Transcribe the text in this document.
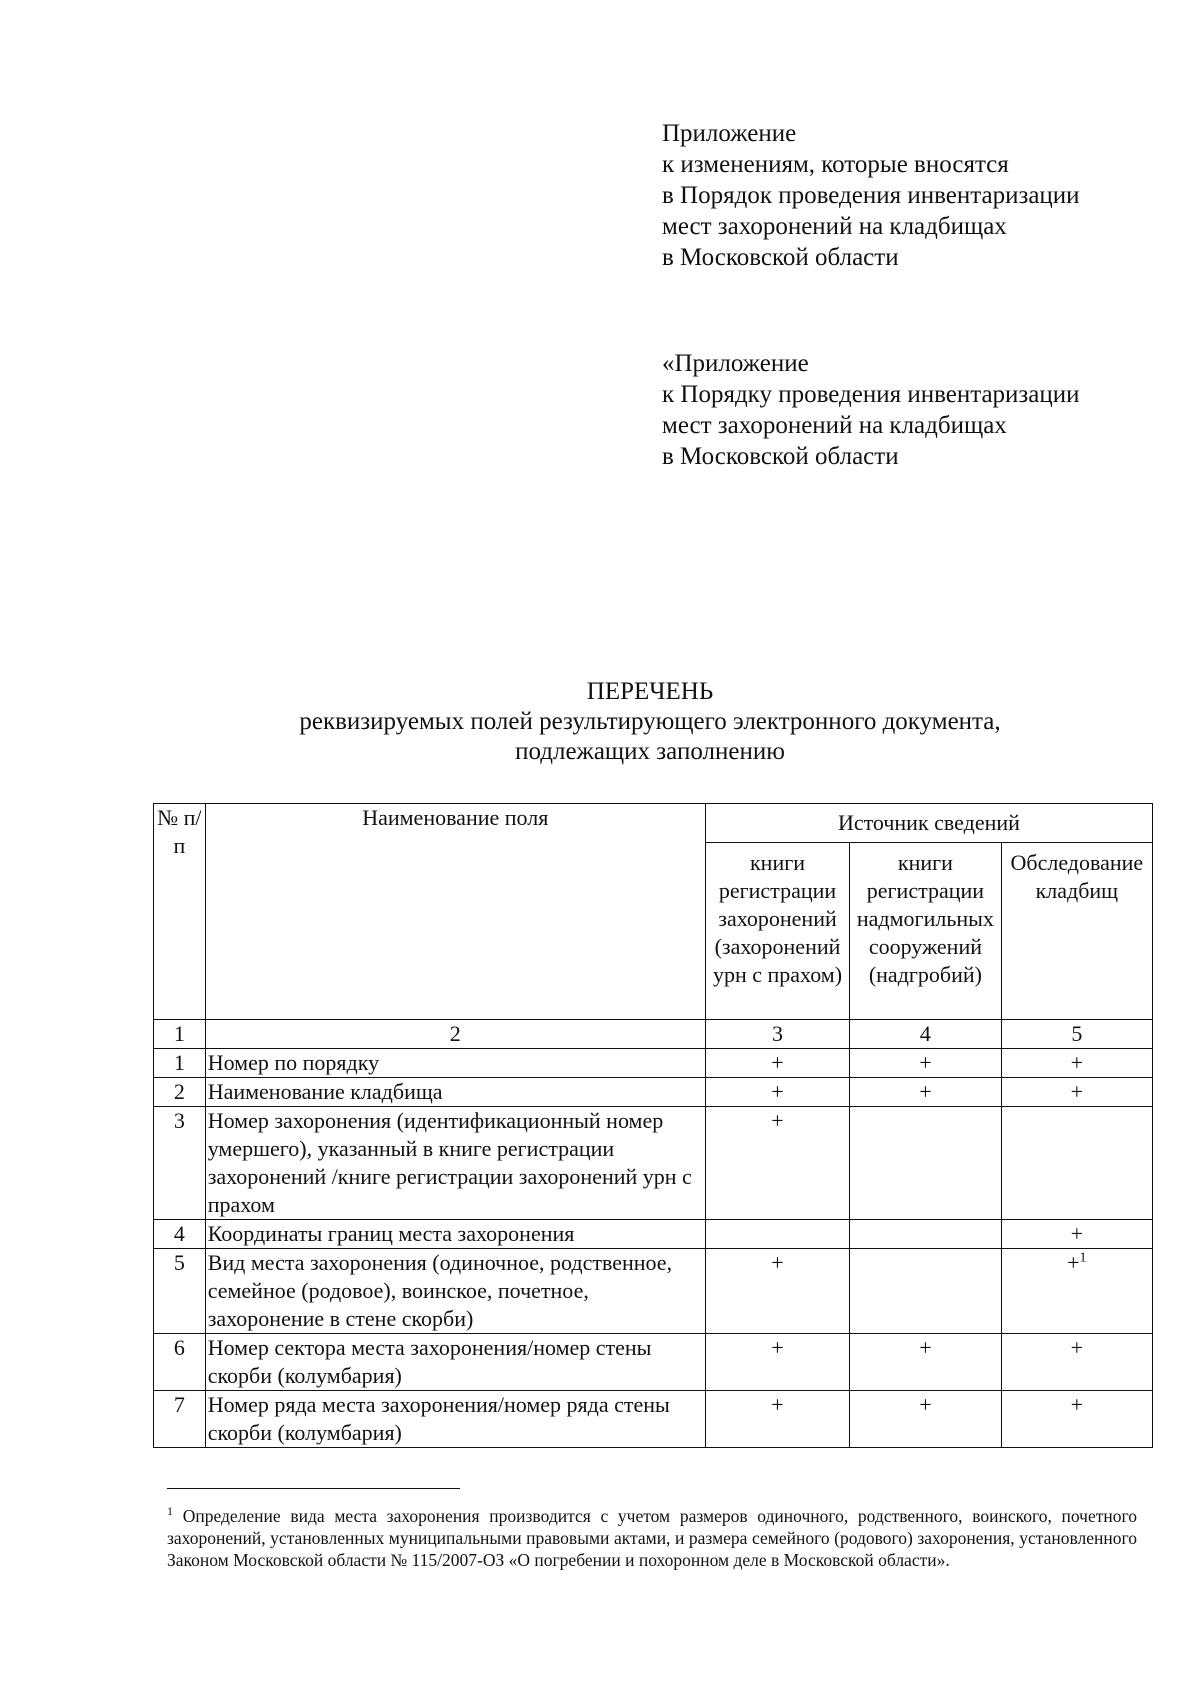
Приложение
к изменениям, которые вносятся
в Порядок проведения инвентаризации
мест захоронений на кладбищах
в Московской области
«Приложение
к Порядку проведения инвентаризации
мест захоронений на кладбищах
в Московской области
ПЕРЕЧЕНЬ
реквизируемых полей результирующего электронного документа,
подлежащих заполнению
№ п/п	Наименование поля	Источник сведений		
		книги регистрации захоронений (захоронений урн с прахом)	книги регистрации надмогильных сооружений (надгробий)	Обследование кладбищ
1	2	3	4	5
1	Номер по порядку	+	+	+
2	Наименование кладбища	+	+	+
3	Номер захоронения (идентификационный номер умершего), указанный в книге регистрации захоронений /книге регистрации захоронений урн с прахом	+		
4	Координаты границ места захоронения			+
5	Вид места захоронения (одиночное, родственное, семейное (родовое), воинское, почетное, захоронение в стене скорби)	+		+$^1$
6	Номер сектора места захоронения/номер стены скорби (колумбария)	+	+	+
7	Номер ряда места захоронения/номер ряда стены скорби (колумбария)	+	+	+
$^1$ Определение вида места захоронения производится с учетом размеров одиночного, родственного, воинского, почетного захоронений, установленных муниципальными правовыми актами, и размера семейного (родового) захоронения, установленного Законом Московской области № 115/2007-ОЗ «О погребении и похоронном деле в Московской области».
